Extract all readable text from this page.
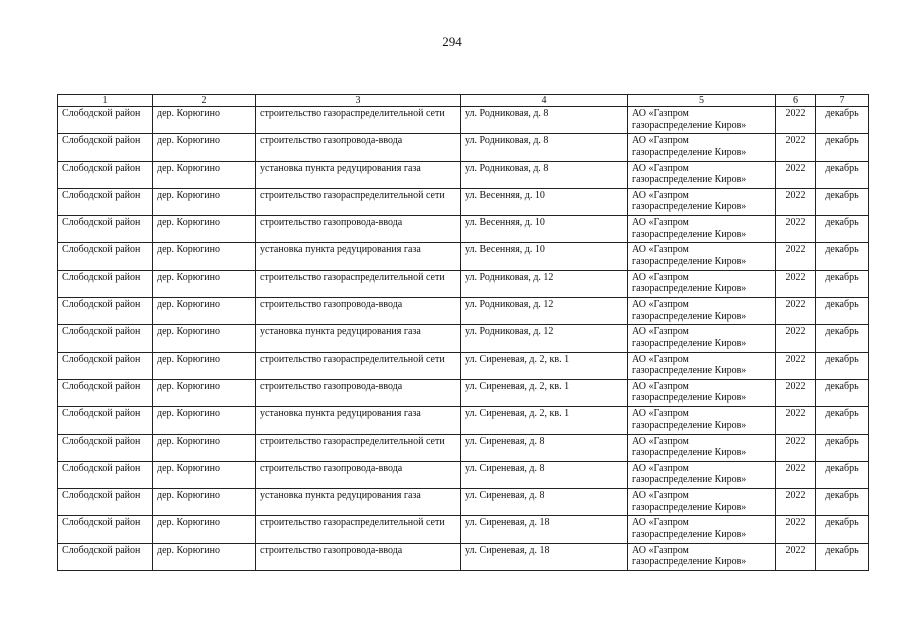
294
1	2	3	4	5	6	7
Слободской район	дер. Корюгино	строительство газораспределительной сети	ул. Родниковая, д. 8	АО «Газпром газораспределение Киров»	2022	декабрь
Слободской район	дер. Корюгино	строительство газопровода-ввода	ул. Родниковая, д. 8	АО «Газпром газораспределение Киров»	2022	декабрь
Слободской район	дер. Корюгино	установка пункта редуцирования газа	ул. Родниковая, д. 8	АО «Газпром газораспределение Киров»	2022	декабрь
Слободской район	дер. Корюгино	строительство газораспределительной сети	ул. Весенняя, д. 10	АО «Газпром газораспределение Киров»	2022	декабрь
Слободской район	дер. Корюгино	строительство газопровода-ввода	ул. Весенняя, д. 10	АО «Газпром газораспределение Киров»	2022	декабрь
Слободской район	дер. Корюгино	установка пункта редуцирования газа	ул. Весенняя, д. 10	АО «Газпром газораспределение Киров»	2022	декабрь
Слободской район	дер. Корюгино	строительство газораспределительной сети	ул. Родниковая, д. 12	АО «Газпром газораспределение Киров»	2022	декабрь
Слободской район	дер. Корюгино	строительство газопровода-ввода	ул. Родниковая, д. 12	АО «Газпром газораспределение Киров»	2022	декабрь
Слободской район	дер. Корюгино	установка пункта редуцирования газа	ул. Родниковая, д. 12	АО «Газпром газораспределение Киров»	2022	декабрь
Слободской район	дер. Корюгино	строительство газораспределительной сети	ул. Сиреневая, д. 2, кв. 1	АО «Газпром газораспределение Киров»	2022	декабрь
Слободской район	дер. Корюгино	строительство газопровода-ввода	ул. Сиреневая, д. 2, кв. 1	АО «Газпром газораспределение Киров»	2022	декабрь
Слободской район	дер. Корюгино	установка пункта редуцирования газа	ул. Сиреневая, д. 2, кв. 1	АО «Газпром газораспределение Киров»	2022	декабрь
Слободской район	дер. Корюгино	строительство газораспределительной сети	ул. Сиреневая, д. 8	АО «Газпром газораспределение Киров»	2022	декабрь
Слободской район	дер. Корюгино	строительство газопровода-ввода	ул. Сиреневая, д. 8	АО «Газпром газораспределение Киров»	2022	декабрь
Слободской район	дер. Корюгино	установка пункта редуцирования газа	ул. Сиреневая, д. 8	АО «Газпром газораспределение Киров»	2022	декабрь
Слободской район	дер. Корюгино	строительство газораспределительной сети	ул. Сиреневая, д. 18	АО «Газпром газораспределение Киров»	2022	декабрь
Слободской район	дер. Корюгино	строительство газопровода-ввода	ул. Сиреневая, д. 18	АО «Газпром газораспределение Киров»	2022	декабрь
